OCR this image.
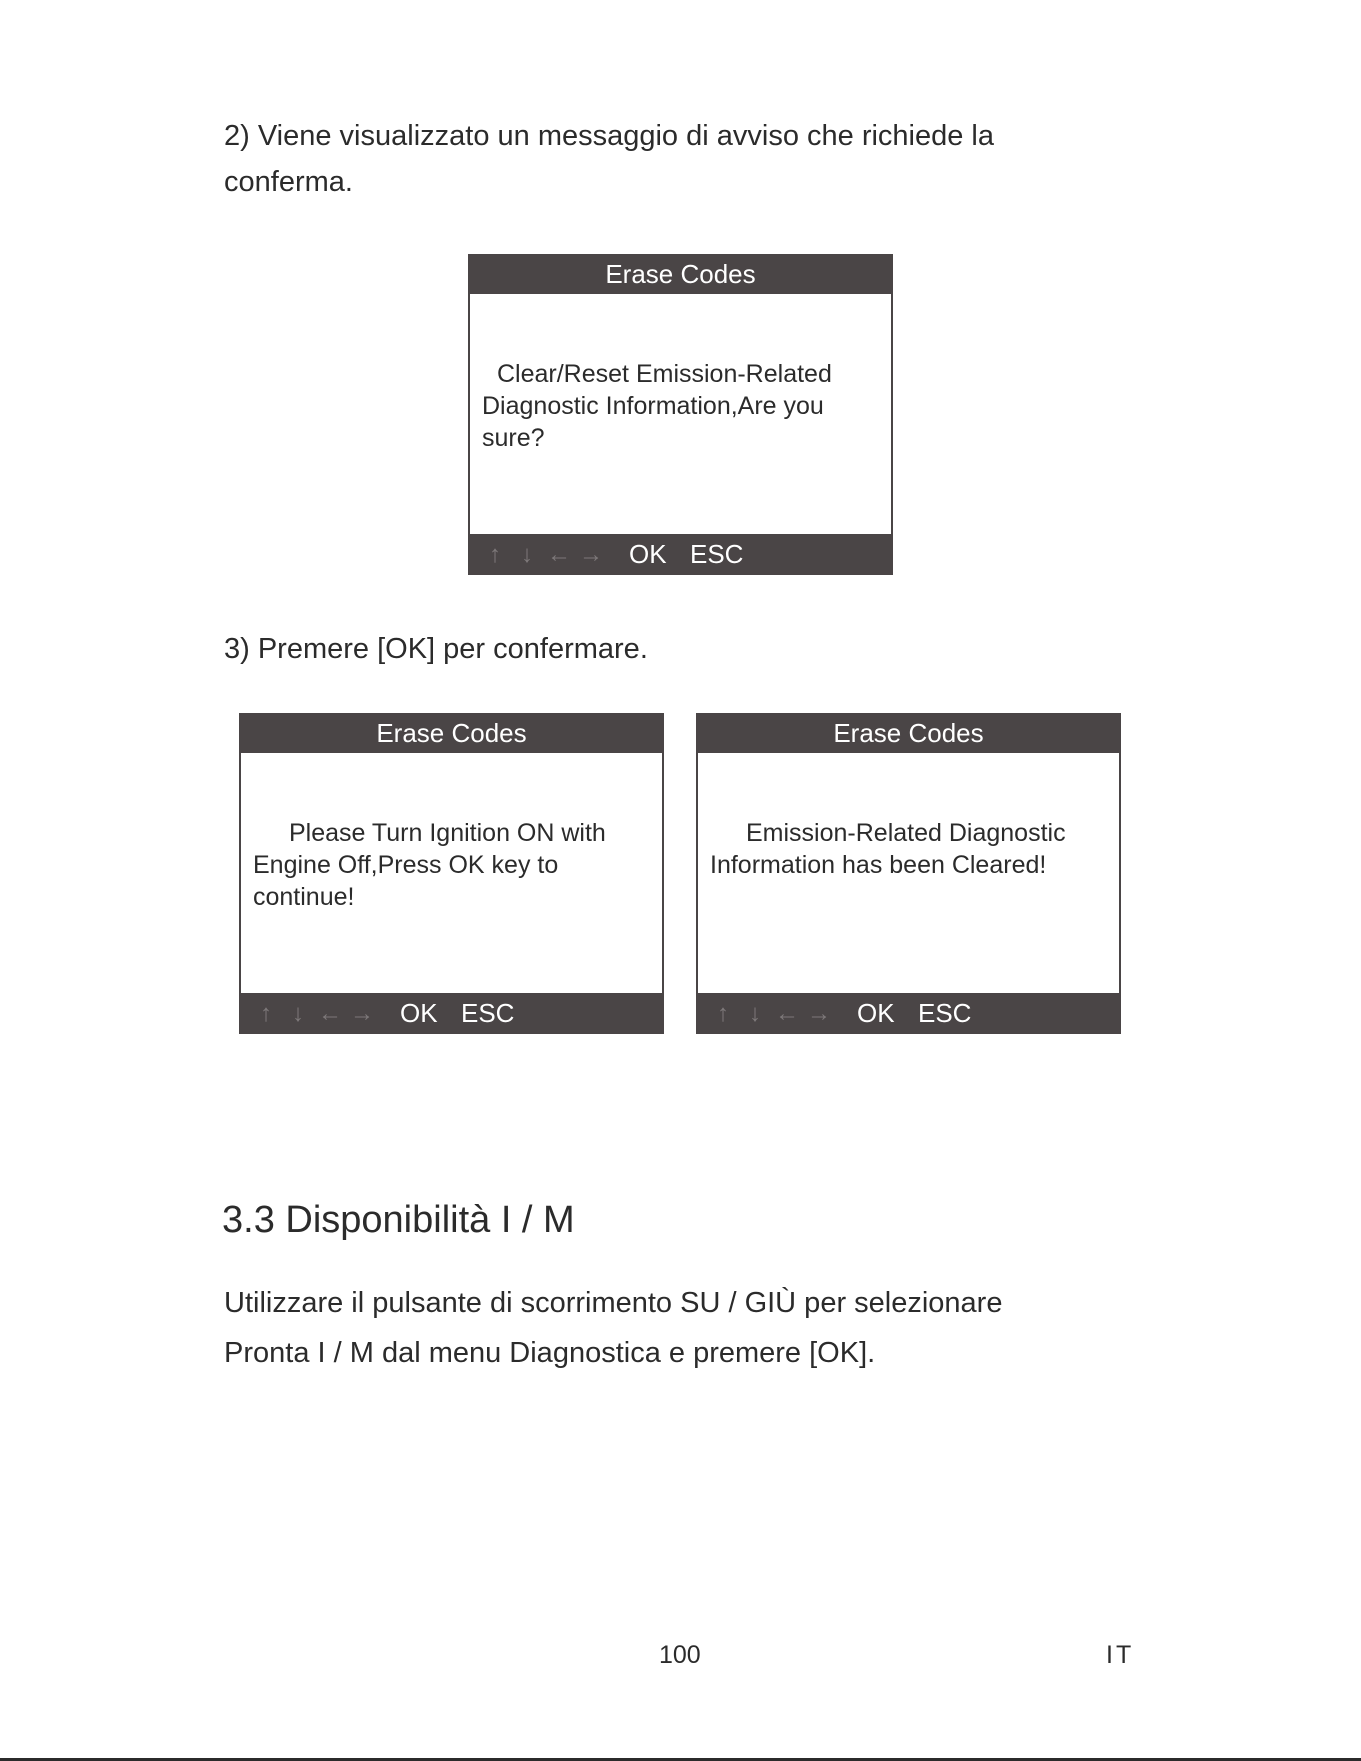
2) Viene visualizzato un messaggio di avviso che richiede la
conferma.

Erase Codes

Clear/Reset Emission-Related Diagnostic Information,Are you sure?

↑ ↓ ← → OK ESC

3) Premere [OK] per confermare.

Erase Codes

Please Turn Ignition ON with Engine Off,Press OK key to continue!

↑ ↓ ← → OK ESC
Erase Codes

Emission-Related Diagnostic Information has been Cleared!

↑ ↓ ← → OK ESC
3.3 Disponibilità I / M

Utilizzare il pulsante di scorrimento SU / GIÙ per selezionare
Pronta I / M dal menu Diagnostica e premere [OK].

100	IT
